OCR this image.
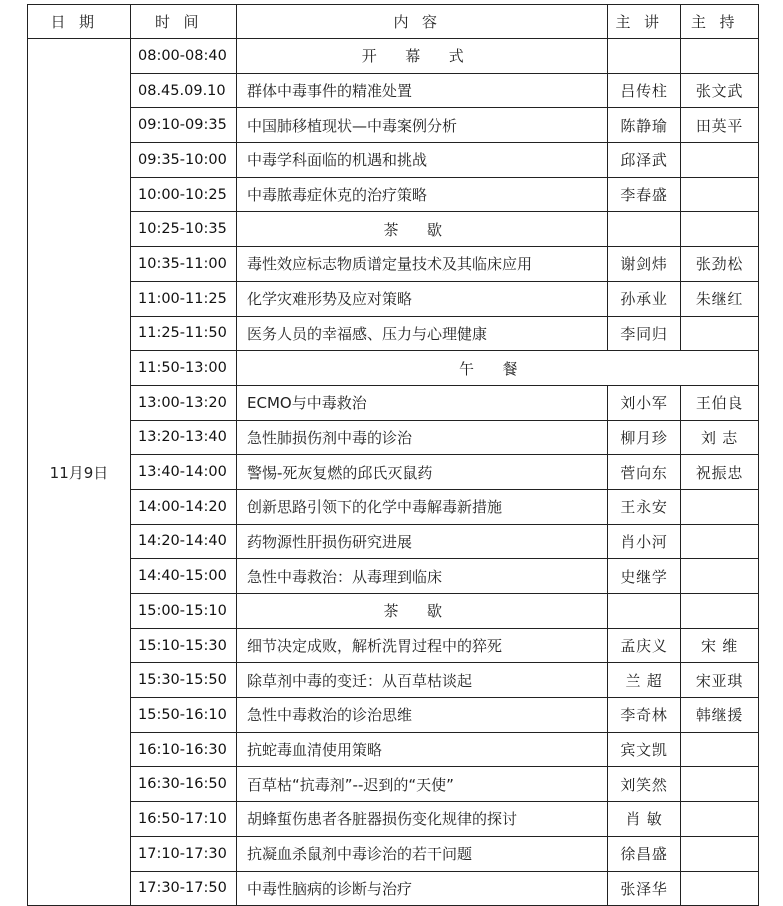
日期	时间	内容	主讲	主持
11月9日	08:00-08:40	开幕式		
	08.45.09.10	群体中毒事件的精准处置	吕传柱	张文武
	09:10-09:35	中国肺移植现状—中毒案例分析	陈静瑜	田英平
	09:35-10:00	中毒学科面临的机遇和挑战	邱泽武	
	10:00-10:25	中毒脓毒症休克的治疗策略	李春盛	
	10:25-10:35	茶歇		
	10:35-11:00	毒性效应标志物质谱定量技术及其临床应用	谢剑炜	张劲松
	11:00-11:25	化学灾难形势及应对策略	孙承业	朱继红
	11:25-11:50	医务人员的幸福感、压力与心理健康	李同归	
	11:50-13:00	午餐		
	13:00-13:20	ECMO与中毒救治	刘小军	王伯良
	13:20-13:40	急性肺损伤剂中毒的诊治	柳月珍	刘 志
	13:40-14:00	警惕-死灰复燃的邱氏灭鼠药	菅向东	祝振忠
	14:00-14:20	创新思路引领下的化学中毒解毒新措施	王永安	
	14:20-14:40	药物源性肝损伤研究进展	肖小河	
	14:40-15:00	急性中毒救治：从毒理到临床	史继学	
	15:00-15:10	茶歇		
	15:10-15:30	细节决定成败，解析洗胃过程中的猝死	孟庆义	宋 维
	15:30-15:50	除草剂中毒的变迁：从百草枯谈起	兰 超	宋亚琪
	15:50-16:10	急性中毒救治的诊治思维	李奇林	韩继援
	16:10-16:30	抗蛇毒血清使用策略	宾文凯	
	16:30-16:50	百草枯“抗毒剂”--迟到的“天使”	刘笑然	
	16:50-17:10	胡蜂蜇伤患者各脏器损伤变化规律的探讨	肖 敏	
	17:10-17:30	抗凝血杀鼠剂中毒诊治的若干问题	徐昌盛	
	17:30-17:50	中毒性脑病的诊断与治疗	张泽华	
